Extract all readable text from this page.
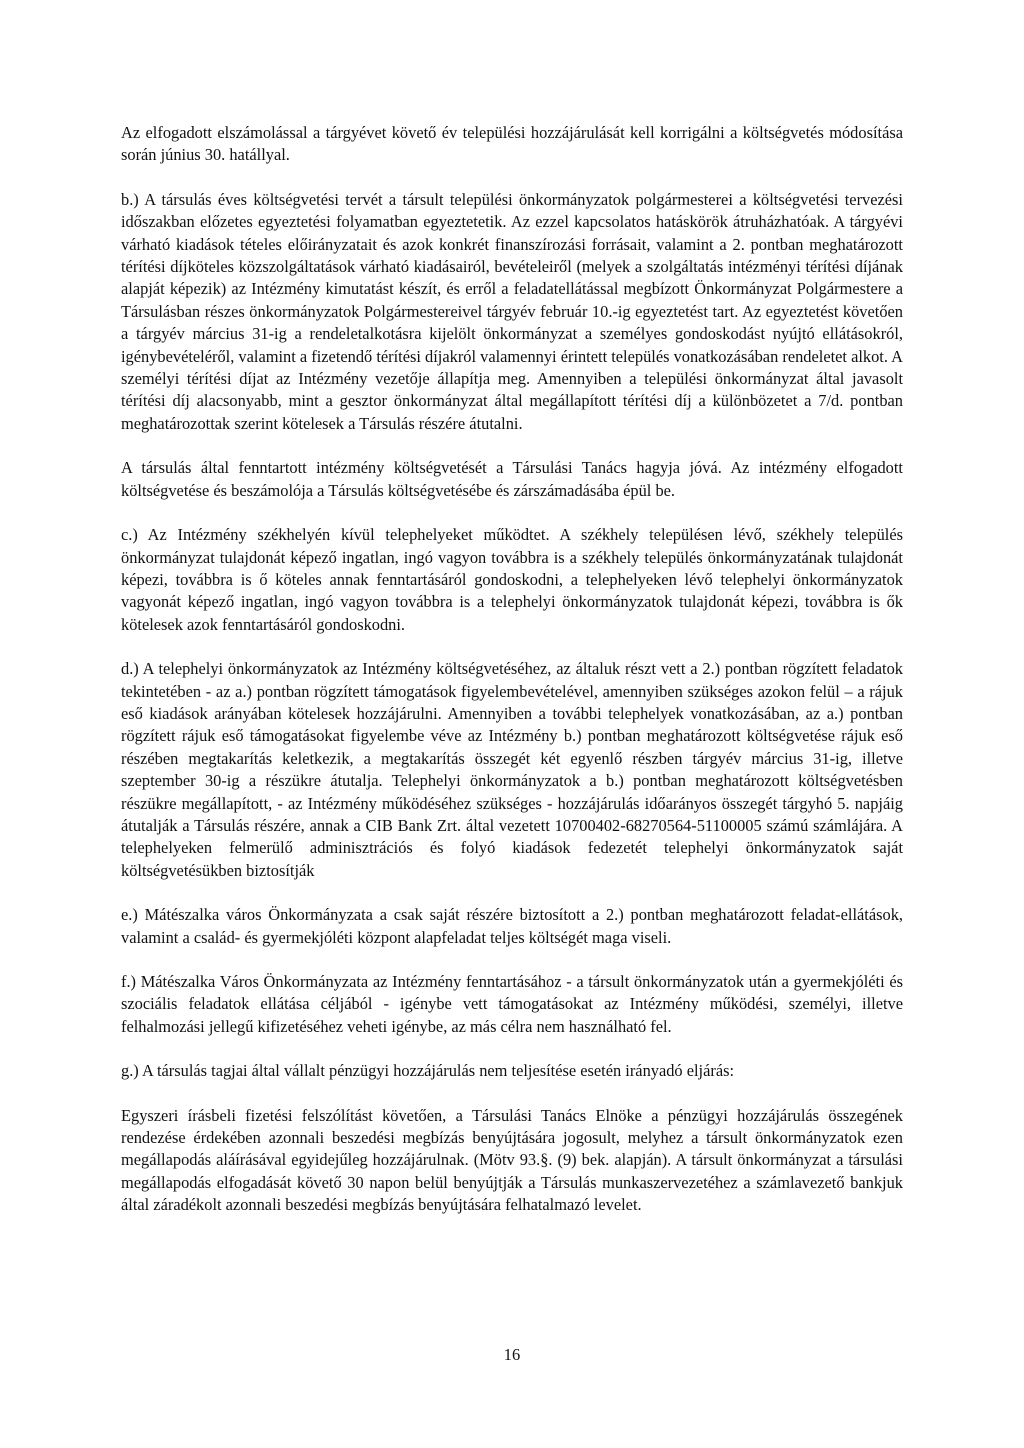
Az elfogadott elszámolással a tárgyévet követő év települési hozzájárulását kell korrigálni a költségvetés módosítása során június 30. hatállyal.

b.) A társulás éves költségvetési tervét a társult települési önkormányzatok polgármesterei a költségvetési tervezési időszakban előzetes egyeztetési folyamatban egyeztetetik. Az ezzel kapcsolatos hatáskörök átruházhatóak. A tárgyévi várható kiadások tételes előirányzatait és azok konkrét finanszírozási forrásait, valamint a 2. pontban meghatározott térítési díjköteles közszolgáltatások várható kiadásairól, bevételeiről (melyek a szolgáltatás intézményi térítési díjának alapját képezik) az Intézmény kimutatást készít, és erről a feladatellátással megbízott Önkormányzat Polgármestere a Társulásban részes önkormányzatok Polgármestereivel tárgyév február 10.-ig egyeztetést tart. Az egyeztetést követően a tárgyév március 31-ig a rendeletalkotásra kijelölt önkormányzat a személyes gondoskodást nyújtó ellátásokról, igénybevételéről, valamint a fizetendő térítési díjakról valamennyi érintett település vonatkozásában rendeletet alkot. A személyi térítési díjat az Intézmény vezetője állapítja meg. Amennyiben a települési önkormányzat által javasolt térítési díj alacsonyabb, mint a gesztor önkormányzat által megállapított térítési díj a különbözetet a 7/d. pontban meghatározottak szerint kötelesek a Társulás részére átutalni.

A társulás által fenntartott intézmény költségvetését a Társulási Tanács hagyja jóvá. Az intézmény elfogadott költségvetése és beszámolója a Társulás költségvetésébe és zárszámadásába épül be.

c.) Az Intézmény székhelyén kívül telephelyeket működtet. A székhely településen lévő, székhely település önkormányzat tulajdonát képező ingatlan, ingó vagyon továbbra is a székhely település önkormányzatának tulajdonát képezi, továbbra is ő köteles annak fenntartásáról gondoskodni, a telephelyeken lévő telephelyi önkormányzatok vagyonát képező ingatlan, ingó vagyon továbbra is a telephelyi önkormányzatok tulajdonát képezi, továbbra is ők kötelesek azok fenntartásáról gondoskodni.

d.) A telephelyi önkormányzatok az Intézmény költségvetéséhez, az általuk részt vett a 2.) pontban rögzített feladatok tekintetében - az a.) pontban rögzített támogatások figyelembevételével, amennyiben szükséges azokon felül – a rájuk eső kiadások arányában kötelesek hozzájárulni. Amennyiben a további telephelyek vonatkozásában, az a.) pontban rögzített rájuk eső támogatásokat figyelembe véve az Intézmény b.) pontban meghatározott költségvetése rájuk eső részében megtakarítás keletkezik, a megtakarítás összegét két egyenlő részben tárgyév március 31-ig, illetve szeptember 30-ig a részükre átutalja. Telephelyi önkormányzatok a b.) pontban meghatározott költségvetésben részükre megállapított, - az Intézmény működéséhez szükséges - hozzájárulás időarányos összegét tárgyhó 5. napjáig átutalják a Társulás részére, annak a CIB Bank Zrt. által vezetett 10700402-68270564-51100005 számú számlájára. A telephelyeken felmerülő adminisztrációs és folyó kiadások fedezetét telephelyi önkormányzatok saját költségvetésükben biztosítják

e.) Mátészalka város Önkormányzata a csak saját részére biztosított a 2.) pontban meghatározott feladat-ellátások, valamint a család- és gyermekjóléti központ alapfeladat teljes költségét maga viseli.

f.) Mátészalka Város Önkormányzata az Intézmény fenntartásához - a társult önkormányzatok után a gyermekjóléti és szociális feladatok ellátása céljából - igénybe vett támogatásokat az Intézmény működési, személyi, illetve felhalmozási jellegű kifizetéséhez veheti igénybe, az más célra nem használható fel.

g.) A társulás tagjai által vállalt pénzügyi hozzájárulás nem teljesítése esetén irányadó eljárás:

Egyszeri írásbeli fizetési felszólítást követően, a Társulási Tanács Elnöke a pénzügyi hozzájárulás összegének rendezése érdekében azonnali beszedési megbízás benyújtására jogosult, melyhez a társult önkormányzatok ezen megállapodás aláírásával egyidejűleg hozzájárulnak. (Mötv 93.§. (9) bek. alapján). A társult önkormányzat a társulási megállapodás elfogadását követő 30 napon belül benyújtják a Társulás munkaszervezetéhez a számlavezető bankjuk által záradékolt azonnali beszedési megbízás benyújtására felhatalmazó levelet.

16
